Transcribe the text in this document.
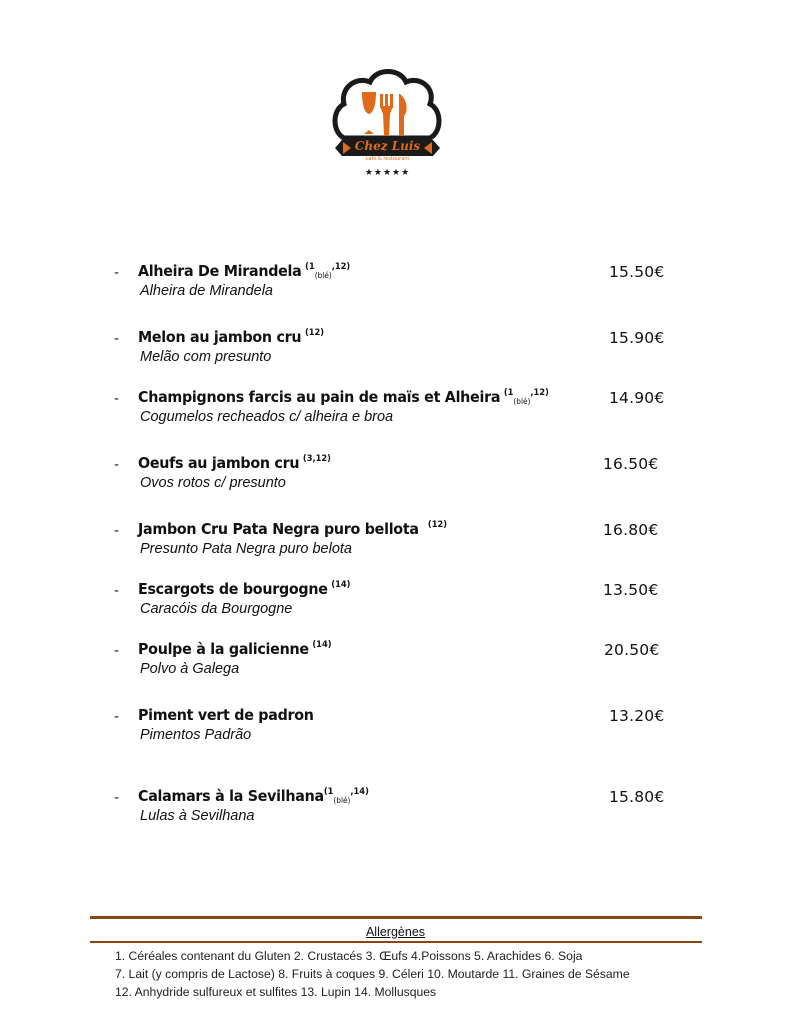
Chez Luis
café & restaurant
★★★★★
- Alheira De Mirandela $^{(1(blé),12)}$
Alheira de Mirandela
15.50€
- Melon au jambon cru $^{(12)}$
Melão com presunto
15.90€
- Champignons farcis au pain de maïs et Alheira $^{(1(blé),12)}$
Cogumelos recheados c/ alheira e broa
14.90€
- Oeufs au jambon cru $^{(3,12)}$
Ovos rotos c/ presunto
16.50€
- Jambon Cru Pata Negra puro bellota $^{(12)}$
Presunto Pata Negra puro belota
16.80€
- Escargots de bourgogne $^{(14)}$
Caracóis da Bourgogne
13.50€
- Poulpe à la galicienne $^{(14)}$
Polvo à Galega
20.50€
- Piment vert de padron
Pimentos Padrão
13.20€
- Calamars à la Sevilhana$^{(1(blé),14)}$
Lulas à Sevilhana
15.80€
Allergènes
1. Céréales contenant du Gluten 2. Crustacés 3. Œufs 4.Poissons 5. Arachides 6. Soja
7. Lait (y compris de Lactose) 8. Fruits à coques 9. Céleri 10. Moutarde 11. Graines de Sésame
12. Anhydride sulfureux et sulfites 13. Lupin 14. Mollusques
